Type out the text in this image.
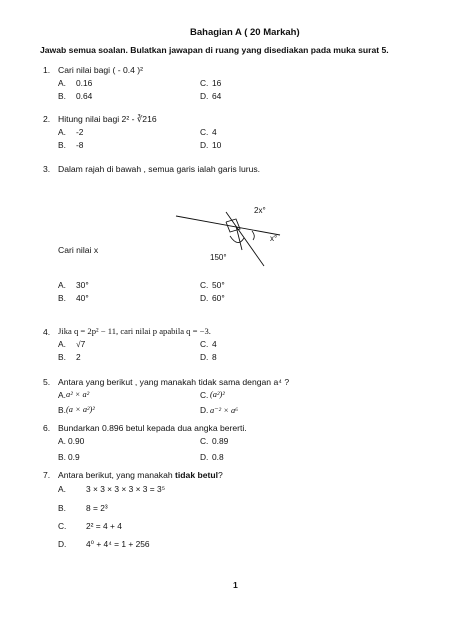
Bahagian A ( 20 Markah)
Jawab semua soalan. Bulatkan jawapan di ruang yang disediakan pada muka surat 5.
1. Cari nilai bagi ( - 0.4 )²
A. 0.16	C. 16
B. 0.64	D. 64
2. Hitung nilai bagi 2² - ∛216
A. -2	C. 4
B. -8	D. 10
3. Dalam rajah di bawah , semua garis ialah garis lurus.
2x°
x°
150°
Cari nilai x
A. 30°	C. 50°
B. 40°	D. 60°
4. Jika q = 2p² − 11, cari nilai p apabila q = −3.
A. √7	C. 4
B. 2	D. 8
5. Antara yang berikut , yang manakah tidak sama dengan a⁴ ?
A. a² × a²	C. (a²)²
B. (a × a²)²	D. a⁻² × a⁶
6. Bundarkan 0.896 betul kepada dua angka bererti.
A. 0.90	C. 0.89
B. 0.9	D. 0.8
7. Antara berikut, yang manakah tidak betul?
A. 3 × 3 × 3 × 3 × 3 = 3⁵
B. 8 = 2³
C. 2² = 4 + 4
D. 4⁰ + 4⁴ = 1 + 256
1
